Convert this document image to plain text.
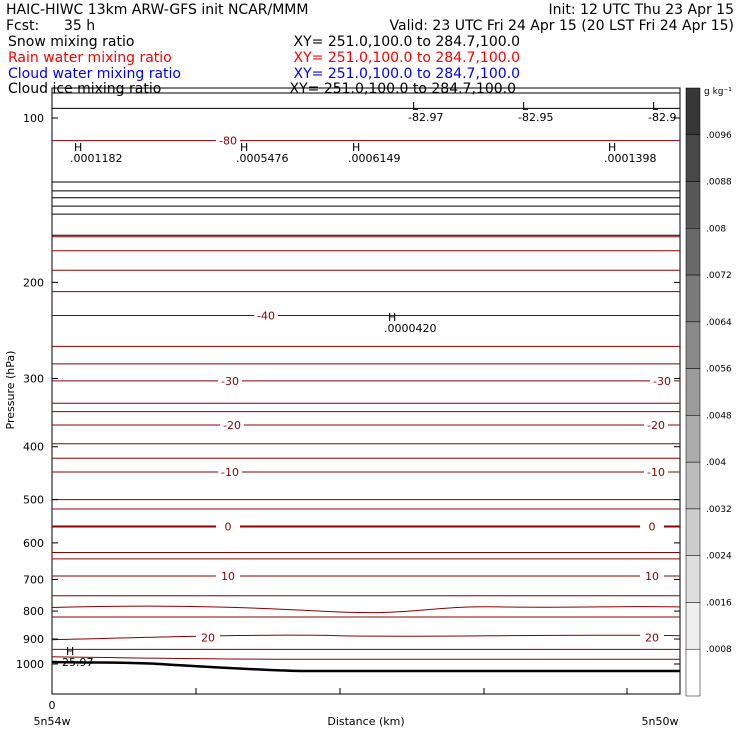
HAIC-HIWC 13km ARW-GFS init NCAR/MMM	Init: 12 UTC Thu 23 Apr 15
Fcst: 35 h	Valid: 23 UTC Fri 24 Apr 15 (20 LST Fri 24 Apr 15)
Snow mixing ratio	XY= 251.0,100.0 to 284.7,100.0
Rain water mixing ratio	XY= 251.0,100.0 to 284.7,100.0
Cloud water mixing ratio	XY= 251.0,100.0 to 284.7,100.0
Cloud ice mixing ratio	XY= 251.0,100.0 to 284.7,100.0
-80
-40
-30	-30
-20	-20
-10	-10
0	0
10	10
20	20
100
200
300
400
500
600
700
800
900
1000
L
-82.97
L
-82.95
L
-82.9
H
.0001182
H
.0005476
H
.0006149
H
.0001398
H
.0000420
H
25.97
Pressure (hPa)
Distance (km)
0
5n54w	5n50w
.0008
.0016
.0024
.0032
.004
.0048
.0056
.0064
.0072
.008
.0088
.0096
g kg⁻¹
